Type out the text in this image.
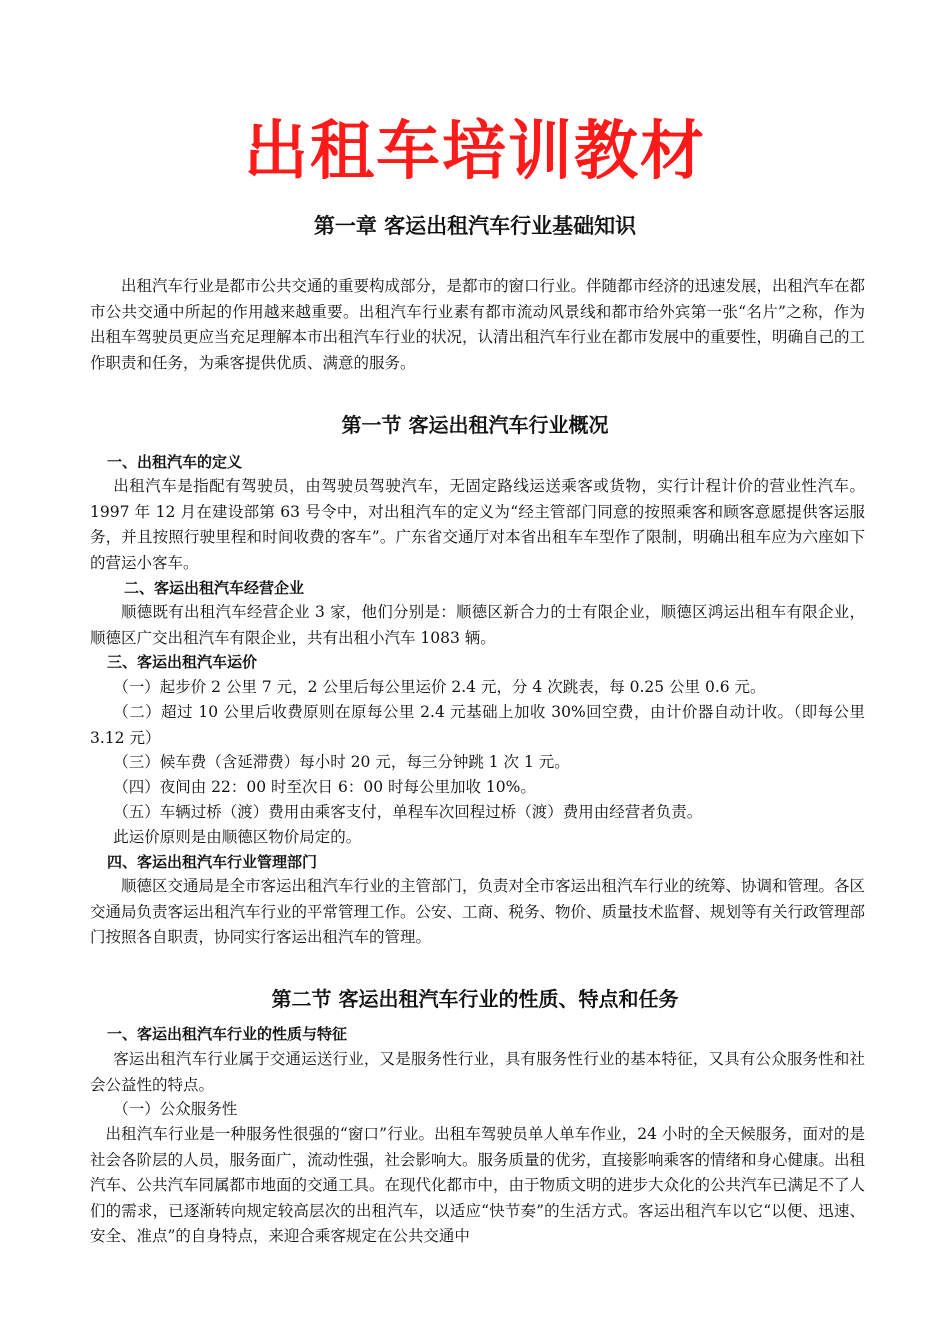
出租车培训教材
第一章 客运出租汽车行业基础知识

出租汽车行业是都市公共交通的重要构成部分，是都市的窗口行业。伴随都市经济的迅速发展，出租汽车在都市公共交通中所起的作用越来越重要。出租汽车行业素有都市流动风景线和都市给外宾第一张“名片”之称，作为出租车驾驶员更应当充足理解本市出租汽车行业的状况，认清出租汽车行业在都市发展中的重要性，明确自己的工作职责和任务，为乘客提供优质、满意的服务。

第一节 客运出租汽车行业概况

一、出租汽车的定义

出租汽车是指配有驾驶员，由驾驶员驾驶汽车，无固定路线运送乘客或货物，实行计程计价的营业性汽车。1997 年 12 月在建设部第 63 号令中，对出租汽车的定义为“经主管部门同意的按照乘客和顾客意愿提供客运服务，并且按照行驶里程和时间收费的客车”。广东省交通厅对本省出租车车型作了限制，明确出租车应为六座如下的营运小客车。

二、客运出租汽车经营企业

顺德既有出租汽车经营企业 3 家，他们分别是：顺德区新合力的士有限企业，顺德区鸿运出租车有限企业，顺德区广交出租汽车有限企业，共有出租小汽车 1083 辆。

三、客运出租汽车运价

（一）起步价 2 公里 7 元，2 公里后每公里运价 2.4 元，分 4 次跳表，每 0.25 公里 0.6 元。

（二）超过 10 公里后收费原则在原每公里 2.4 元基础上加收 30%回空费，由计价器自动计收。（即每公里 3.12 元）

（三）候车费（含延滞费）每小时 20 元，每三分钟跳 1 次 1 元。

（四）夜间由 22：00 时至次日 6：00 时每公里加收 10%。

（五）车辆过桥（渡）费用由乘客支付，单程车次回程过桥（渡）费用由经营者负责。

此运价原则是由顺德区物价局定的。

四、客运出租汽车行业管理部门

顺德区交通局是全市客运出租汽车行业的主管部门，负责对全市客运出租汽车行业的统筹、协调和管理。各区交通局负责客运出租汽车行业的平常管理工作。公安、工商、税务、物价、质量技术监督、规划等有关行政管理部门按照各自职责，协同实行客运出租汽车的管理。

第二节 客运出租汽车行业的性质、特点和任务

一、客运出租汽车行业的性质与特征

客运出租汽车行业属于交通运送行业，又是服务性行业，具有服务性行业的基本特征，又具有公众服务性和社会公益性的特点。

（一）公众服务性

出租汽车行业是一种服务性很强的“窗口”行业。出租车驾驶员单人单车作业，24 小时的全天候服务，面对的是社会各阶层的人员，服务面广，流动性强，社会影响大。服务质量的优劣，直接影响乘客的情绪和身心健康。出租汽车、公共汽车同属都市地面的交通工具。在现代化都市中，由于物质文明的进步大众化的公共汽车已满足不了人们的需求，已逐渐转向规定较高层次的出租汽车，以适应“快节奏”的生活方式。客运出租汽车以它“以便、迅速、安全、准点”的自身特点，来迎合乘客规定在公共交通中
